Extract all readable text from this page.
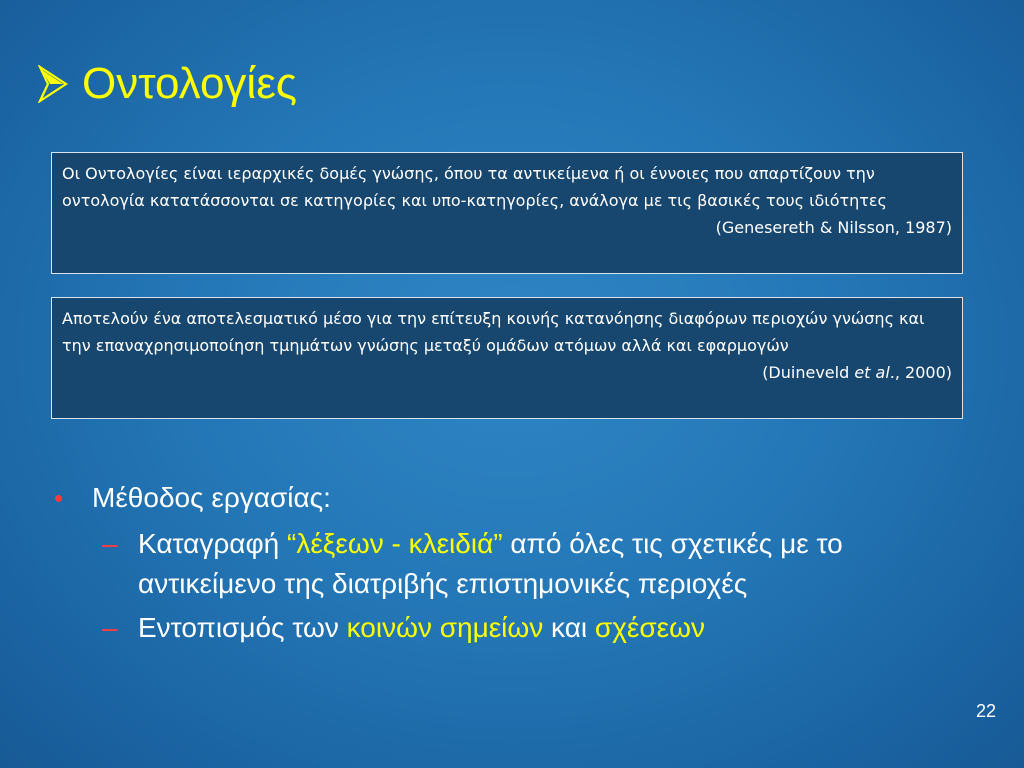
Οντολογίες
Οι Οντολογίες είναι ιεραρχικές δομές γνώσης, όπου τα αντικείμενα ή οι έννοιες που απαρτίζουν την οντολογία κατατάσσονται σε κατηγορίες και υπο-κατηγορίες, ανάλογα με τις βασικές τους ιδιότητες
(Genesereth & Nilsson, 1987)
Αποτελούν ένα αποτελεσματικό μέσο για την επίτευξη κοινής κατανόησης διαφόρων περιοχών γνώσης και την επαναχρησιμοποίηση τμημάτων γνώσης μεταξύ ομάδων ατόμων αλλά και εφαρμογών
(Duineveld et al., 2000)
•	Μέθοδος εργασίας:
– Καταγραφή “λέξεων - κλειδιά” από όλες τις σχετικές με το αντικείμενο της διατριβής επιστημονικές περιοχές
– Εντοπισμός των κοινών σημείων και σχέσεων
22
